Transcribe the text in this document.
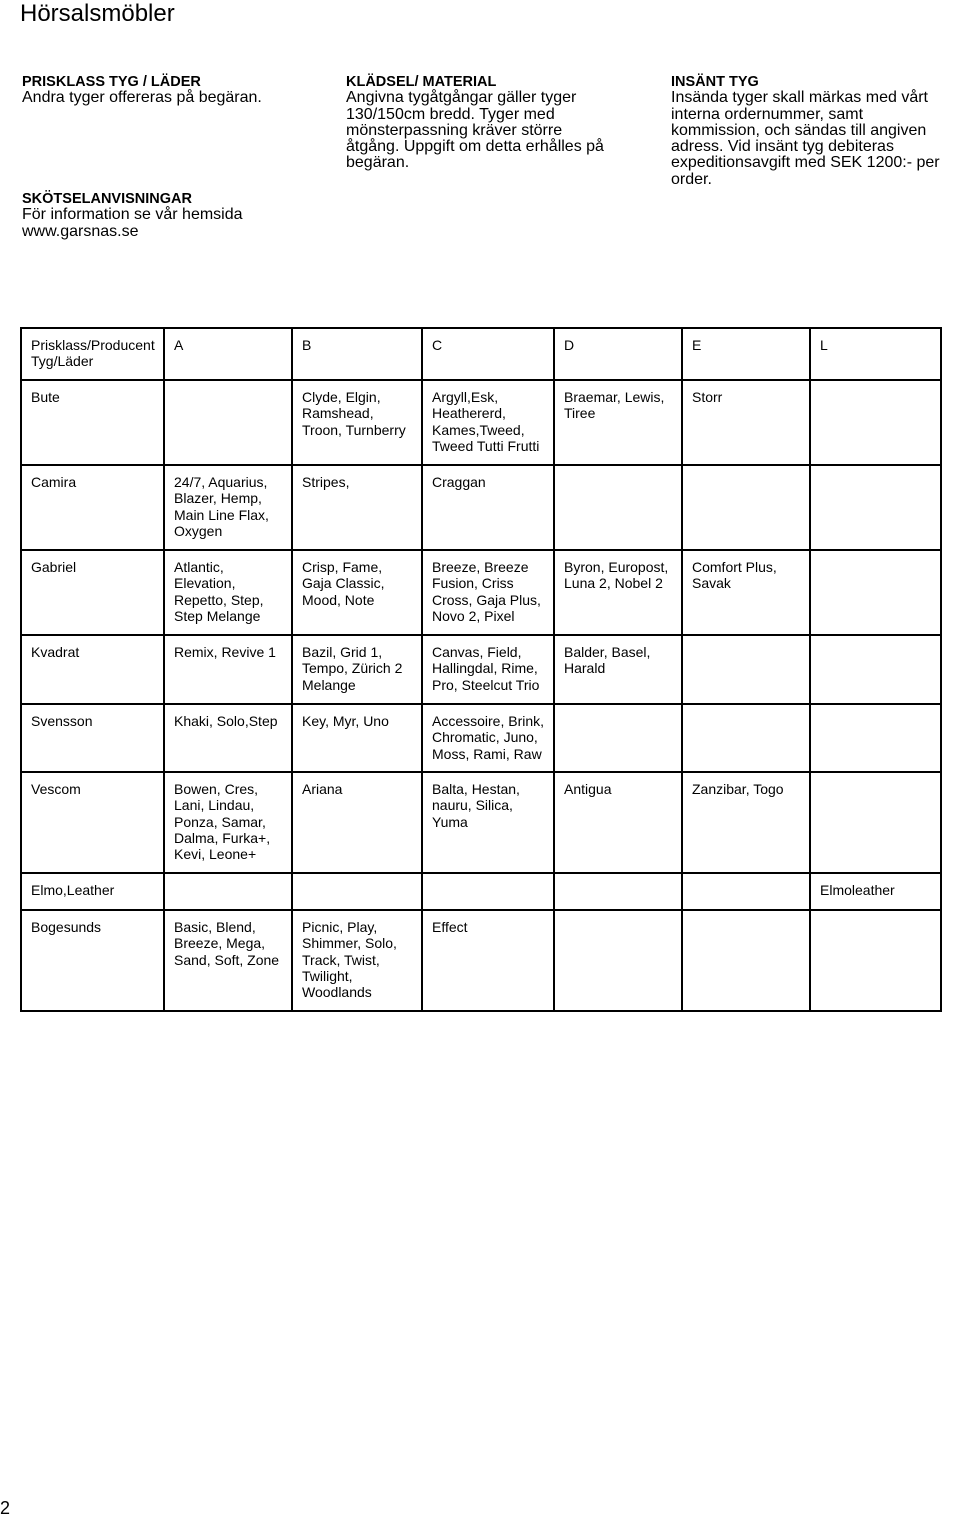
Hörsalsmöbler
PRISKLASS TYG / LÄDER
Andra tyger offereras på begäran.
SKÖTSELANVISNINGAR
För information se vår hemsida
www.garsnas.se
KLÄDSEL/ MATERIAL
Angivna tygåtgångar gäller tyger
130/150cm bredd. Tyger med
mönsterpassning kräver större
åtgång. Uppgift om detta erhålles på
begäran.
INSÄNT TYG
Insända tyger skall märkas med vårt
interna ordernummer, samt
kommission, och sändas till angiven
adress. Vid insänt tyg debiteras
expeditionsavgift med SEK 1200:- per
order.
Prisklass/Producent
Tyg/Läder	A	B	C	D	E	L
Bute		Clyde, Elgin,
Ramshead,
Troon, Turnberry	Argyll,Esk,
Heathererd,
Kames,Tweed,
Tweed Tutti Frutti	Braemar, Lewis,
Tiree	Storr	
Camira	24/7, Aquarius,
Blazer, Hemp,
Main Line Flax,
Oxygen	Stripes,	Craggan			
Gabriel	Atlantic,
Elevation,
Repetto, Step,
Step Melange	Crisp, Fame,
Gaja Classic,
Mood, Note	Breeze, Breeze
Fusion, Criss
Cross, Gaja Plus,
Novo 2, Pixel	Byron, Europost,
Luna 2, Nobel 2	Comfort Plus,
Savak	
Kvadrat	Remix, Revive 1	Bazil, Grid 1,
Tempo, Zürich 2
Melange	Canvas, Field,
Hallingdal, Rime,
Pro, Steelcut Trio	Balder, Basel,
Harald		
Svensson	Khaki, Solo,Step	Key, Myr, Uno	Accessoire, Brink,
Chromatic, Juno,
Moss, Rami, Raw			
Vescom	Bowen, Cres,
Lani, Lindau,
Ponza, Samar,
Dalma, Furka+,
Kevi, Leone+	Ariana	Balta, Hestan,
nauru, Silica,
Yuma	Antigua	Zanzibar, Togo	
Elmo,Leather						Elmoleather
Bogesunds	Basic, Blend,
Breeze, Mega,
Sand, Soft, Zone	Picnic, Play,
Shimmer, Solo,
Track, Twist,
Twilight,
Woodlands	Effect			
2
